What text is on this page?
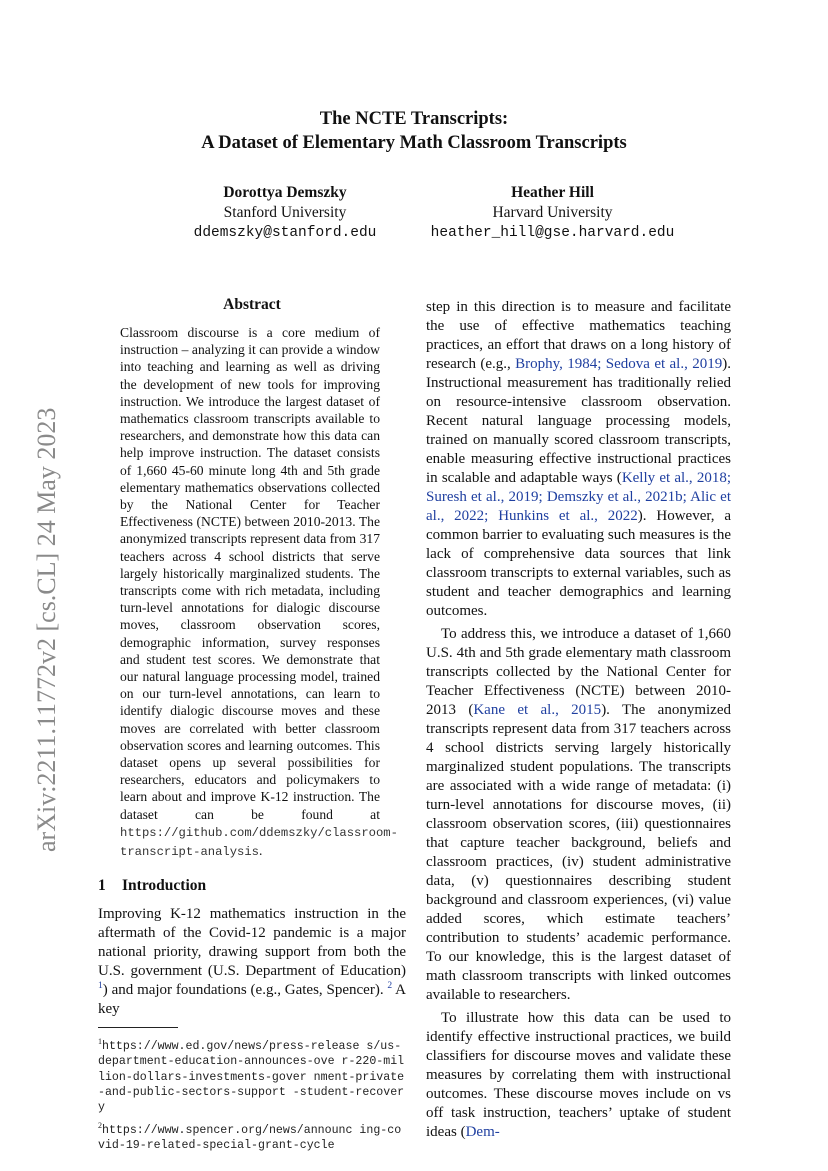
arXiv:2211.11772v2 [cs.CL] 24 May 2023
The NCTE Transcripts:
A Dataset of Elementary Math Classroom Transcripts
Dorottya Demszky
Stanford University
ddemszky@stanford.edu
Heather Hill
Harvard University
heather_hill@gse.harvard.edu
Abstract
Classroom discourse is a core medium of instruction – analyzing it can provide a window into teaching and learning as well as driving the development of new tools for improving instruction. We introduce the largest dataset of mathematics classroom transcripts available to researchers, and demonstrate how this data can help improve instruction. The dataset consists of 1,660 45-60 minute long 4th and 5th grade elementary mathematics observations collected by the National Center for Teacher Effectiveness (NCTE) between 2010-2013. The anonymized transcripts represent data from 317 teachers across 4 school districts that serve largely historically marginalized students. The transcripts come with rich metadata, including turn-level annotations for dialogic discourse moves, classroom observation scores, demographic information, survey responses and student test scores. We demonstrate that our natural language processing model, trained on our turn-level annotations, can learn to identify dialogic discourse moves and these moves are correlated with better classroom observation scores and learning outcomes. This dataset opens up several possibilities for researchers, educators and policymakers to learn about and improve K-12 instruction. The dataset can be found at https://github.com/ddemszky/classroom-transcript-analysis.
1 Introduction
Improving K-12 mathematics instruction in the aftermath of the Covid-12 pandemic is a major national priority, drawing support from both the U.S. government (U.S. Department of Education) $^1$) and major foundations (e.g., Gates, Spencer). $^2$ A key
$^1$https://www.ed.gov/news/press-release s/us-department-education-announces-ove r-220-million-dollars-investments-gover nment-private-and-public-sectors-support -student-recovery
$^2$https://www.spencer.org/news/announc ing-covid-19-related-special-grant-cycle

step in this direction is to measure and facilitate the use of effective mathematics teaching practices, an effort that draws on a long history of research (e.g., Brophy, 1984; Sedova et al., 2019). Instructional measurement has traditionally relied on resource-intensive classroom observation. Recent natural language processing models, trained on manually scored classroom transcripts, enable measuring effective instructional practices in scalable and adaptable ways (Kelly et al., 2018; Suresh et al., 2019; Demszky et al., 2021b; Alic et al., 2022; Hunkins et al., 2022). However, a common barrier to evaluating such measures is the lack of comprehensive data sources that link classroom transcripts to external variables, such as student and teacher demographics and learning outcomes.

To address this, we introduce a dataset of 1,660 U.S. 4th and 5th grade elementary math classroom transcripts collected by the National Center for Teacher Effectiveness (NCTE) between 2010-2013 (Kane et al., 2015). The anonymized transcripts represent data from 317 teachers across 4 school districts serving largely historically marginalized student populations. The transcripts are associated with a wide range of metadata: (i) turn-level annotations for discourse moves, (ii) classroom observation scores, (iii) questionnaires that capture teacher background, beliefs and classroom practices, (iv) student administrative data, (v) questionnaires describing student background and classroom experiences, (vi) value added scores, which estimate teachers’ contribution to students’ academic performance. To our knowledge, this is the largest dataset of math classroom transcripts with linked outcomes available to researchers.

To illustrate how this data can be used to identify effective instructional practices, we build classifiers for discourse moves and validate these measures by correlating them with instructional outcomes. These discourse moves include on vs off task instruction, teachers’ uptake of student ideas (Dem-
